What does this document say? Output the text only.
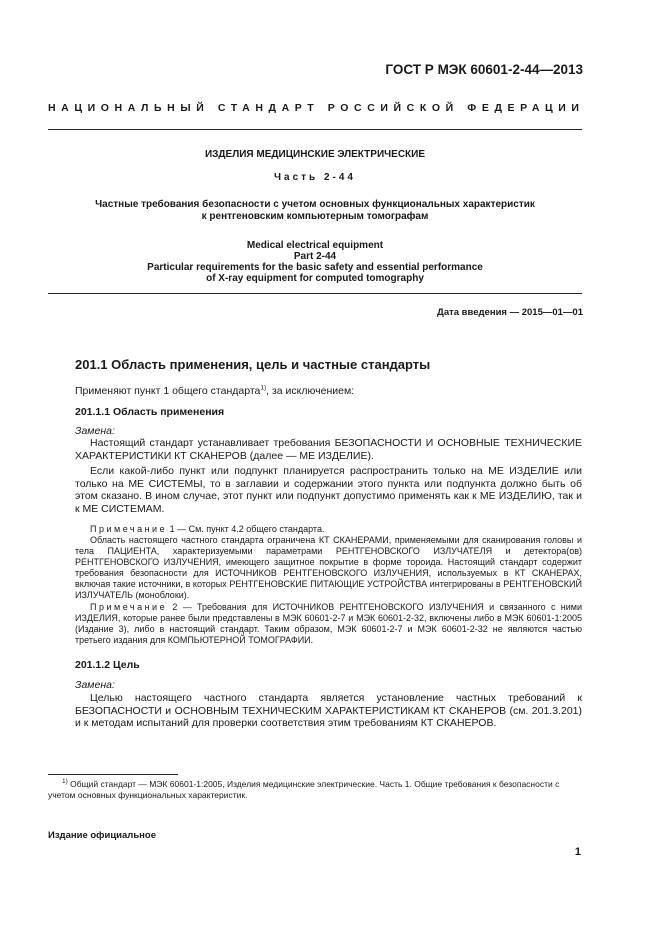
ГОСТ Р МЭК 60601-2-44—2013
НАЦИОНАЛЬНЫЙ СТАНДАРТ РОССИЙСКОЙ ФЕДЕРАЦИИ
ИЗДЕЛИЯ МЕДИЦИНСКИЕ ЭЛЕКТРИЧЕСКИЕ
Часть 2-44
Частные требования безопасности с учетом основных функциональных характеристик
к рентгеновским компьютерным томографам
Medical electrical equipment
Part 2-44
Particular requirements for the basic safety and essential performance
of X-ray equipment for computed tomography
Дата введения — 2015—01—01
201.1 Область применения, цель и частные стандарты
Применяют пункт 1 общего стандарта$^{1)}$, за исключением:
201.1.1 Область применения
Замена:
Настоящий стандарт устанавливает требования БЕЗОПАСНОСТИ И ОСНОВНЫЕ ТЕХНИЧЕСКИЕ ХАРАКТЕРИСТИКИ КТ СКАНЕРОВ (далее — МЕ ИЗДЕЛИЕ).
Если какой-либо пункт или подпункт планируется распространить только на МЕ ИЗДЕЛИЕ или только на МЕ СИСТЕМЫ, то в заглавии и содержании этого пункта или подпункта должно быть об этом сказано. В ином случае, этот пункт или подпункт допустимо применять как к МЕ ИЗДЕЛИЮ, так и к МЕ СИСТЕМАМ.
Примечание 1 — См. пункт 4.2 общего стандарта.
Область настоящего частного стандарта ограничена КТ СКАНЕРАМИ, применяемыми для сканирования головы и тела ПАЦИЕНТА, характеризуемыми параметрами РЕНТГЕНОВСКОГО ИЗЛУЧАТЕЛЯ и детектора(ов) РЕНТГЕНОВСКОГО ИЗЛУЧЕНИЯ, имеющего защитное покрытие в форме тороида. Настоящий стандарт содержит требования безопасности для ИСТОЧНИКОВ РЕНТГЕНОВСКОГО ИЗЛУЧЕНИЯ, используемых в КТ СКАНЕРАХ, включая такие источники, в которых РЕНТГЕНОВСКИЕ ПИТАЮЩИЕ УСТРОЙСТВА интегрированы в РЕНТГЕНОВСКИЙ ИЗЛУЧАТЕЛЬ (моноблоки).
Примечание 2 — Требования для ИСТОЧНИКОВ РЕНТГЕНОВСКОГО ИЗЛУЧЕНИЯ и связанного с ними ИЗДЕЛИЯ, которые ранее были представлены в МЭК 60601-2-7 и МЭК 60601-2-32, включены либо в МЭК 60601-1:2005 (Издание 3), либо в настоящий стандарт. Таким образом, МЭК 60601-2-7 и МЭК 60601-2-32 не являются частью третьего издания для КОМПЬЮТЕРНОЙ ТОМОГРАФИИ.
201.1.2 Цель
Замена:
Целью настоящего частного стандарта является установление частных требований к БЕЗОПАСНОСТИ и ОСНОВНЫМ ТЕХНИЧЕСКИМ ХАРАКТЕРИСТИКАМ КТ СКАНЕРОВ (см. 201.3.201) и к методам испытаний для проверки соответствия этим требованиям КТ СКАНЕРОВ.
$^{1)}$ Общий стандарт — МЭК 60601-1:2005, Изделия медицинские электрические. Часть 1. Общие требования к безопасности с учетом основных функциональных характеристик.
Издание официальное
1
